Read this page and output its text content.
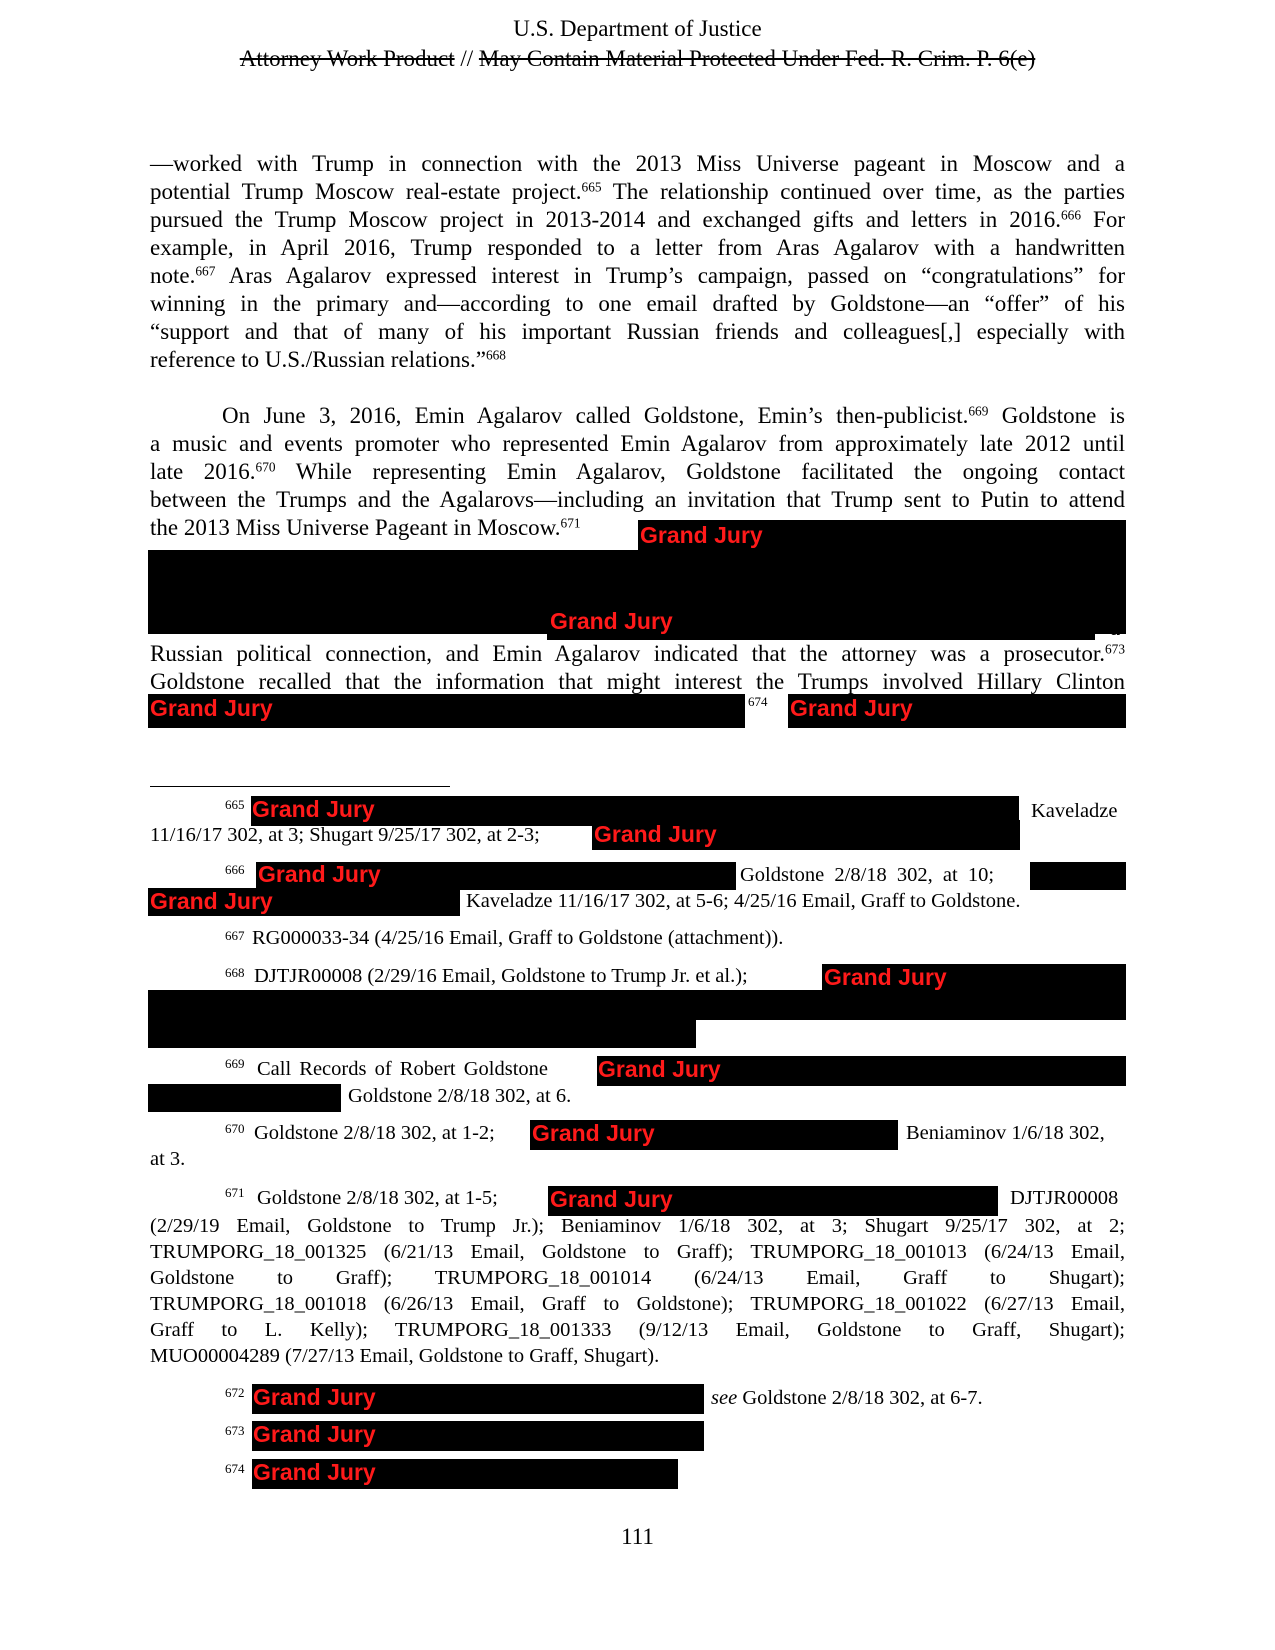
U.S. Department of Justice
Attorney Work Product // May Contain Material Protected Under Fed. R. Crim. P. 6(e)
—worked with Trump in connection with the 2013 Miss Universe pageant in Moscow and a
potential Trump Moscow real-estate project.$^{665}$ The relationship continued over time, as the parties
pursued the Trump Moscow project in 2013-2014 and exchanged gifts and letters in 2016.$^{666}$ For
example, in April 2016, Trump responded to a letter from Aras Agalarov with a handwritten
note.$^{667}$ Aras Agalarov expressed interest in Trump’s campaign, passed on “congratulations” for
winning in the primary and—according to one email drafted by Goldstone—an “offer” of his
“support and that of many of his important Russian friends and colleagues[,] especially with
reference to U.S./Russian relations.”$^{668}$
On June 3, 2016, Emin Agalarov called Goldstone, Emin’s then-publicist.$^{669}$ Goldstone is
a music and events promoter who represented Emin Agalarov from approximately late 2012 until
late 2016.$^{670}$ While representing Emin Agalarov, Goldstone facilitated the ongoing contact
between the Trumps and the Agalarovs—including an invitation that Trump sent to Putin to attend
the 2013 Miss Universe Pageant in Moscow.$^{671}$	Grand Jury
.$^{672}$ Goldstone understood Grand Jury	a
Russian political connection, and Emin Agalarov indicated that the attorney was a prosecutor.$^{673}$
Goldstone recalled that the information that might interest the Trumps involved Hillary Clinton
Grand Jury	674 Grand Jury
665 Grand Jury	Kaveladze
11/16/17 302, at 3; Shugart 9/25/17 302, at 2-3; Grand Jury
666 Grand Jury	Goldstone 2/8/18 302, at 10;
Grand Jury	Kaveladze 11/16/17 302, at 5-6; 4/25/16 Email, Graff to Goldstone.
667 RG000033-34 (4/25/16 Email, Graff to Goldstone (attachment)).
668 DJTJR00008 (2/29/16 Email, Goldstone to Trump Jr. et al.);	Grand Jury
669 Call Records of Robert Goldstone Grand Jury
Goldstone 2/8/18 302, at 6.
670 Goldstone 2/8/18 302, at 1-2; Grand Jury	Beniaminov 1/6/18 302,
at 3.
671 Goldstone 2/8/18 302, at 1-5; Grand Jury	DJTJR00008
(2/29/19 Email, Goldstone to Trump Jr.); Beniaminov 1/6/18 302, at 3; Shugart 9/25/17 302, at 2;
TRUMPORG_18_001325 (6/21/13 Email, Goldstone to Graff); TRUMPORG_18_001013 (6/24/13 Email,
Goldstone to Graff); TRUMPORG_18_001014 (6/24/13 Email, Graff to Shugart);
TRUMPORG_18_001018 (6/26/13 Email, Graff to Goldstone); TRUMPORG_18_001022 (6/27/13 Email,
Graff to L. Kelly); TRUMPORG_18_001333 (9/12/13 Email, Goldstone to Graff, Shugart);
MUO00004289 (7/27/13 Email, Goldstone to Graff, Shugart).
672 Grand Jury	see Goldstone 2/8/18 302, at 6-7.
673 Grand Jury
674 Grand Jury
111
